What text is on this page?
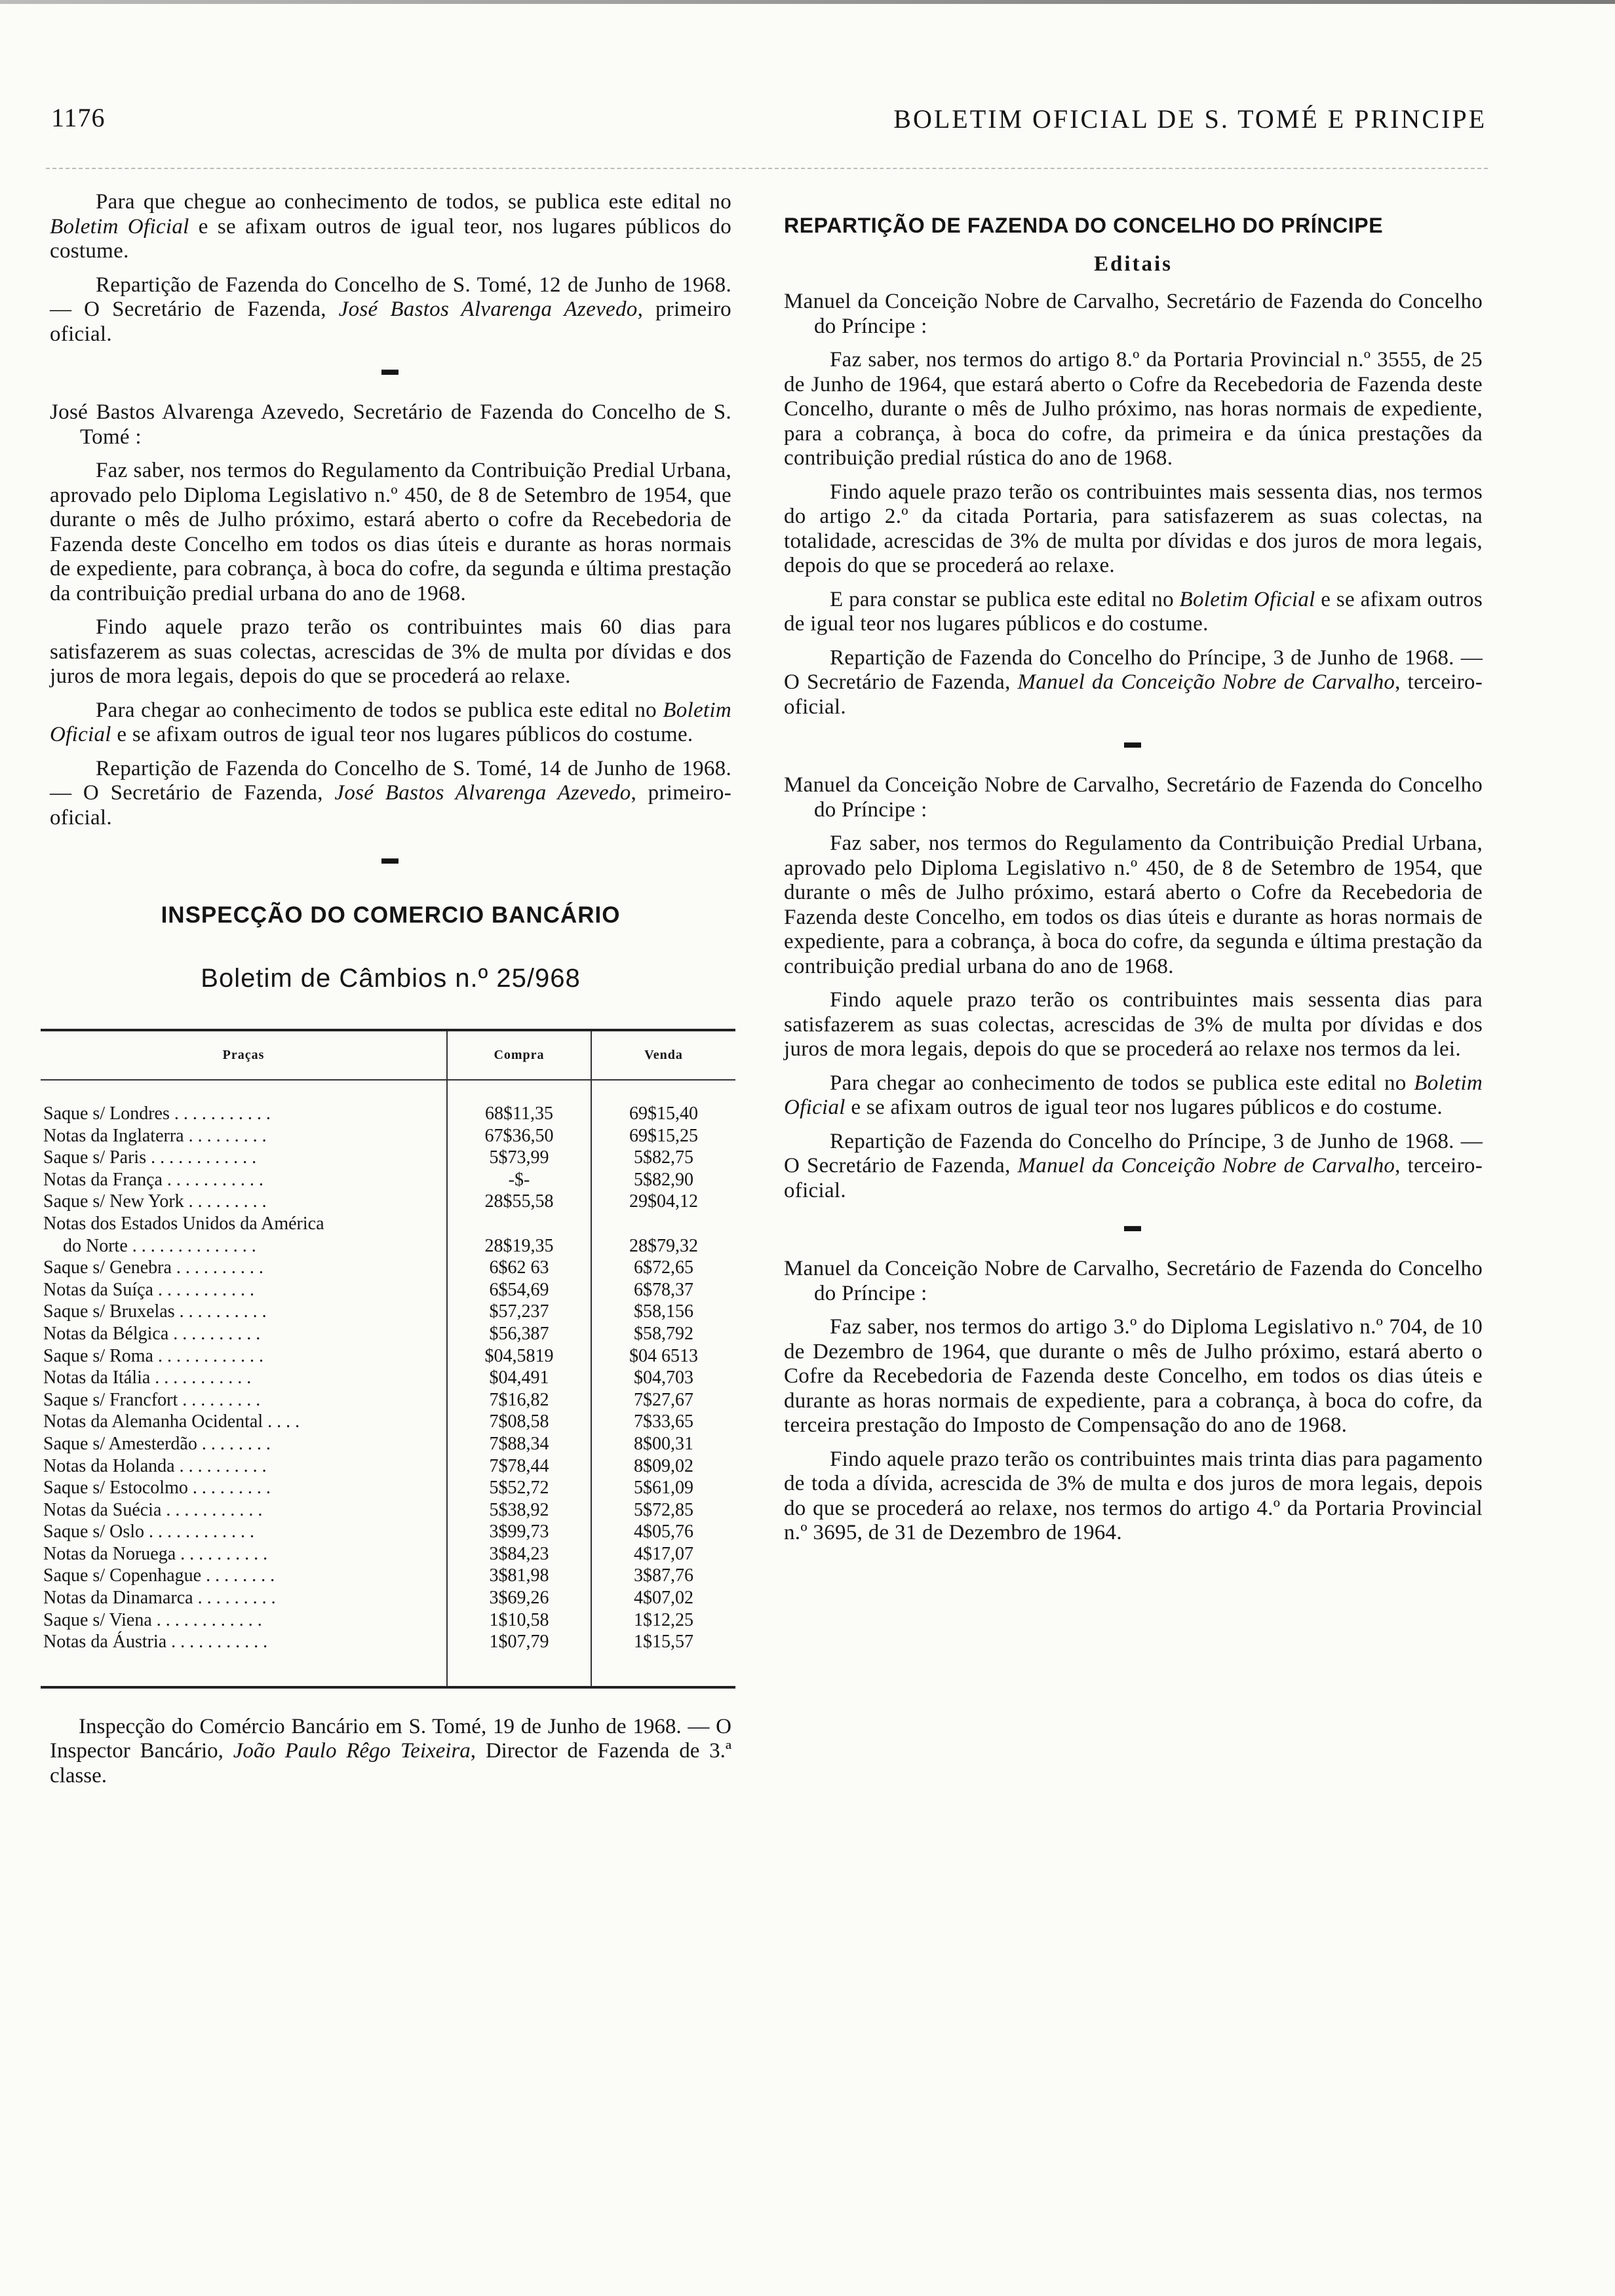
1176	BOLETIM OFICIAL DE S. TOMÉ E PRINCIPE

Para que chegue ao conhecimento de todos, se publica este edital no Boletim Oficial e se afixam outros de igual teor, nos lugares públicos do costume.

Repartição de Fazenda do Concelho de S. Tomé, 12 de Junho de 1968. — O Secretário de Fazenda, José Bastos Alvarenga Azevedo, primeiro oficial.

▬

José Bastos Alvarenga Azevedo, Secretário de Fazenda do Concelho de S. Tomé :

Faz saber, nos termos do Regulamento da Contribuição Predial Urbana, aprovado pelo Diploma Legislativo n.º 450, de 8 de Setembro de 1954, que durante o mês de Julho próximo, estará aberto o cofre da Recebedoria de Fazenda deste Concelho em todos os dias úteis e durante as horas normais de expediente, para cobrança, à boca do cofre, da segunda e última prestação da contribuição predial urbana do ano de 1968.

Findo aquele prazo terão os contribuintes mais 60 dias para satisfazerem as suas colectas, acrescidas de 3% de multa por dívidas e dos juros de mora legais, depois do que se procederá ao relaxe.

Para chegar ao conhecimento de todos se publica este edital no Boletim Oficial e se afixam outros de igual teor nos lugares públicos do costume.

Repartição de Fazenda do Concelho de S. Tomé, 14 de Junho de 1968. — O Secretário de Fazenda, José Bastos Alvarenga Azevedo, primeiro-oficial.

▬
INSPECÇÃO DO COMERCIO BANCÁRIO
Boletim de Câmbios n.º 25/968
Praças	Compra	Venda
Saque s/ Londres . . . . . . . . . . .	68$11,35	69$15,40
Notas da Inglaterra . . . . . . . . .	67$36,50	69$15,25
Saque s/ Paris . . . . . . . . . . . .	5$73,99	5$82,75
Notas da França . . . . . . . . . . .	-$-	5$82,90
Saque s/ New York . . . . . . . . .	28$55,58	29$04,12
Notas dos Estados Unidos da América		
do Norte . . . . . . . . . . . . . .	28$19,35	28$79,32
Saque s/ Genebra . . . . . . . . . .	6$62 63	6$72,65
Notas da Suíça . . . . . . . . . . .	6$54,69	6$78,37
Saque s/ Bruxelas . . . . . . . . . .	$57,237	$58,156
Notas da Bélgica . . . . . . . . . .	$56,387	$58,792
Saque s/ Roma . . . . . . . . . . . .	$04,5819	$04 6513
Notas da Itália . . . . . . . . . . .	$04,491	$04,703
Saque s/ Francfort . . . . . . . . .	7$16,82	7$27,67
Notas da Alemanha Ocidental . . . .	7$08,58	7$33,65
Saque s/ Amesterdão . . . . . . . .	7$88,34	8$00,31
Notas da Holanda . . . . . . . . . .	7$78,44	8$09,02
Saque s/ Estocolmo . . . . . . . . .	5$52,72	5$61,09
Notas da Suécia . . . . . . . . . . .	5$38,92	5$72,85
Saque s/ Oslo . . . . . . . . . . . .	3$99,73	4$05,76
Notas da Noruega . . . . . . . . . .	3$84,23	4$17,07
Saque s/ Copenhague . . . . . . . .	3$81,98	3$87,76
Notas da Dinamarca . . . . . . . . .	3$69,26	4$07,02
Saque s/ Viena . . . . . . . . . . . .	1$10,58	1$12,25
Notas da Áustria . . . . . . . . . . .	1$07,79	1$15,57

Inspecção do Comércio Bancário em S. Tomé, 19 de Junho de 1968. — O Inspector Bancário, João Paulo Rêgo Teixeira, Director de Fazenda de 3.ª classe.

REPARTIÇÃO DE FAZENDA DO CONCELHO DO PRÍNCIPE
Editais

Manuel da Conceição Nobre de Carvalho, Secretário de Fazenda do Concelho do Príncipe :

Faz saber, nos termos do artigo 8.º da Portaria Provincial n.º 3555, de 25 de Junho de 1964, que estará aberto o Cofre da Recebedoria de Fazenda deste Concelho, durante o mês de Julho próximo, nas horas normais de expediente, para a cobrança, à boca do cofre, da primeira e da única prestações da contribuição predial rústica do ano de 1968.

Findo aquele prazo terão os contribuintes mais sessenta dias, nos termos do artigo 2.º da citada Portaria, para satisfazerem as suas colectas, na totalidade, acrescidas de 3% de multa por dívidas e dos juros de mora legais, depois do que se procederá ao relaxe.

E para constar se publica este edital no Boletim Oficial e se afixam outros de igual teor nos lugares públicos e do costume.

Repartição de Fazenda do Concelho do Príncipe, 3 de Junho de 1968. — O Secretário de Fazenda, Manuel da Conceição Nobre de Carvalho, terceiro-oficial.

▬

Manuel da Conceição Nobre de Carvalho, Secretário de Fazenda do Concelho do Príncipe :

Faz saber, nos termos do Regulamento da Contribuição Predial Urbana, aprovado pelo Diploma Legislativo n.º 450, de 8 de Setembro de 1954, que durante o mês de Julho próximo, estará aberto o Cofre da Recebedoria de Fazenda deste Concelho, em todos os dias úteis e durante as horas normais de expediente, para a cobrança, à boca do cofre, da segunda e última prestação da contribuição predial urbana do ano de 1968.

Findo aquele prazo terão os contribuintes mais sessenta dias para satisfazerem as suas colectas, acrescidas de 3% de multa por dívidas e dos juros de mora legais, depois do que se procederá ao relaxe nos termos da lei.

Para chegar ao conhecimento de todos se publica este edital no Boletim Oficial e se afixam outros de igual teor nos lugares públicos e do costume.

Repartição de Fazenda do Concelho do Príncipe, 3 de Junho de 1968. — O Secretário de Fazenda, Manuel da Conceição Nobre de Carvalho, terceiro-oficial.

▬

Manuel da Conceição Nobre de Carvalho, Secretário de Fazenda do Concelho do Príncipe :

Faz saber, nos termos do artigo 3.º do Diploma Legislativo n.º 704, de 10 de Dezembro de 1964, que durante o mês de Julho próximo, estará aberto o Cofre da Recebedoria de Fazenda deste Concelho, em todos os dias úteis e durante as horas normais de expediente, para a cobrança, à boca do cofre, da terceira prestação do Imposto de Compensação do ano de 1968.

Findo aquele prazo terão os contribuintes mais trinta dias para pagamento de toda a dívida, acrescida de 3% de multa e dos juros de mora legais, depois do que se procederá ao relaxe, nos termos do artigo 4.º da Portaria Provincial n.º 3695, de 31 de Dezembro de 1964.
